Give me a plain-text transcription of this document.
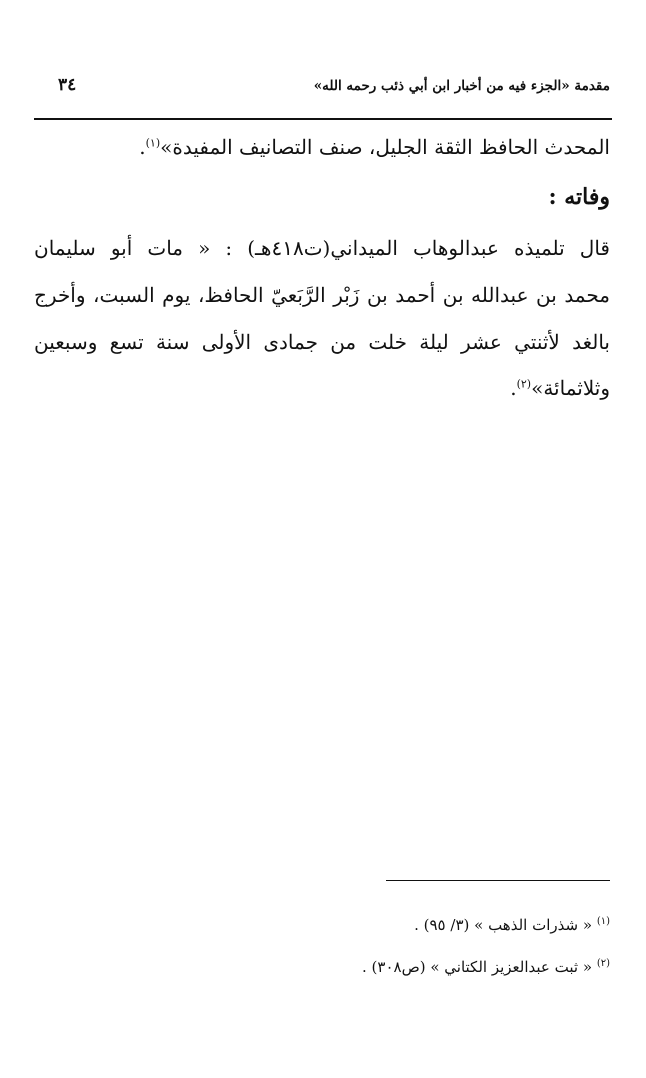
مقدمة «الجزء فيه من أخبار ابن أبي ذئب رحمه الله»
٣٤
المحدث الحافظ الثقة الجليل، صنف التصانيف المفيدة»$^{(١)}$.
وفاته :
قال تلميذه عبدالوهاب الميداني(ت٤١٨هـ) : « مات أبو سليمان
محمد بن عبدالله بن أحمد بن زَبْر الرَّبَعيّ الحافظ، يوم السبت، وأخرج
بالغد لأثنتي عشر ليلة خلت من جمادى الأولى سنة تسع وسبعين
وثلاثمائة»$^{(٢)}$.
$^{(١)}$ « شذرات الذهب » (٣/ ٩٥) .
$^{(٢)}$ « ثبت عبدالعزيز الكتاني » (ص٣٠٨) .
